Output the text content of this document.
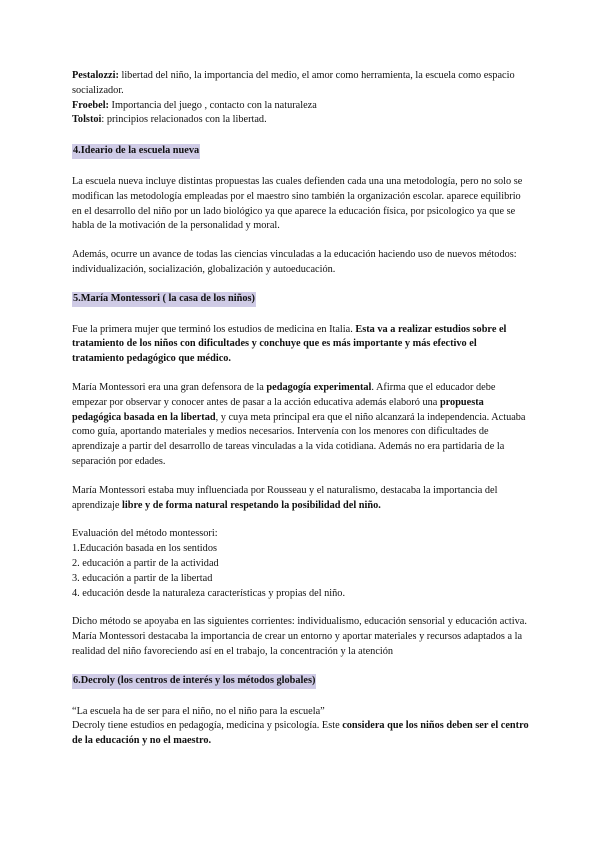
Pestalozzi: libertad del niño, la importancia del medio, el amor como herramienta, la escuela como espacio socializador.

Froebel: Importancia del juego , contacto con la naturaleza

Tolstoi: principios relacionados con la libertad.

4.Ideario de la escuela nueva

La escuela nueva incluye distintas propuestas las cuales defienden cada una una metodología, pero no solo se modifican las metodología empleadas por el maestro sino también la organización escolar. aparece equilibrio en el desarrollo del niño por un lado biológico ya que aparece la educación física, por psicologico ya que se habla de la motivación de la personalidad y moral.

Además, ocurre un avance de todas las ciencias vinculadas a la educación haciendo uso de nuevos métodos: individualización, socialización, globalización y autoeducación.

5.María Montessori ( la casa de los niños)

Fue la primera mujer que terminó los estudios de medicina en Italia. Esta va a realizar estudios sobre el tratamiento de los niños con dificultades y conchuye que es más importante y más efectivo el tratamiento pedagógico que médico.

María Montessori era una gran defensora de la pedagogía experimental. Afirma que el educador debe empezar por observar y conocer antes de pasar a la acción educativa además elaboró una propuesta pedagógica basada en la libertad, y cuya meta principal era que el niño alcanzará la independencia. Actuaba como guía, aportando materiales y medios necesarios. Intervenía con los menores con dificultades de aprendizaje a partir del desarrollo de tareas vinculadas a la vida cotidiana. Además no era partidaria de la separación por edades.

María Montessori estaba muy influenciada por Rousseau y el naturalismo, destacaba la importancia del aprendizaje libre y de forma natural respetando la posibilidad del niño.

Evaluación del método montessori:

1.Educación basada en los sentidos

2. educación a partir de la actividad

3. educación a partir de la libertad

4. educación desde la naturaleza características y propias del niño.

Dicho método se apoyaba en las siguientes corrientes: individualismo, educación sensorial y educación activa. María Montessori destacaba la importancia de crear un entorno y aportar materiales y recursos adaptados a la realidad del niño favoreciendo así en el trabajo, la concentración y la atención

6.Decroly (los centros de interés y los métodos globales)

“La escuela ha de ser para el niño, no el niño para la escuela”

Decroly tiene estudios en pedagogía, medicina y psicología. Este considera que los niños deben ser el centro de la educación y no el maestro.
